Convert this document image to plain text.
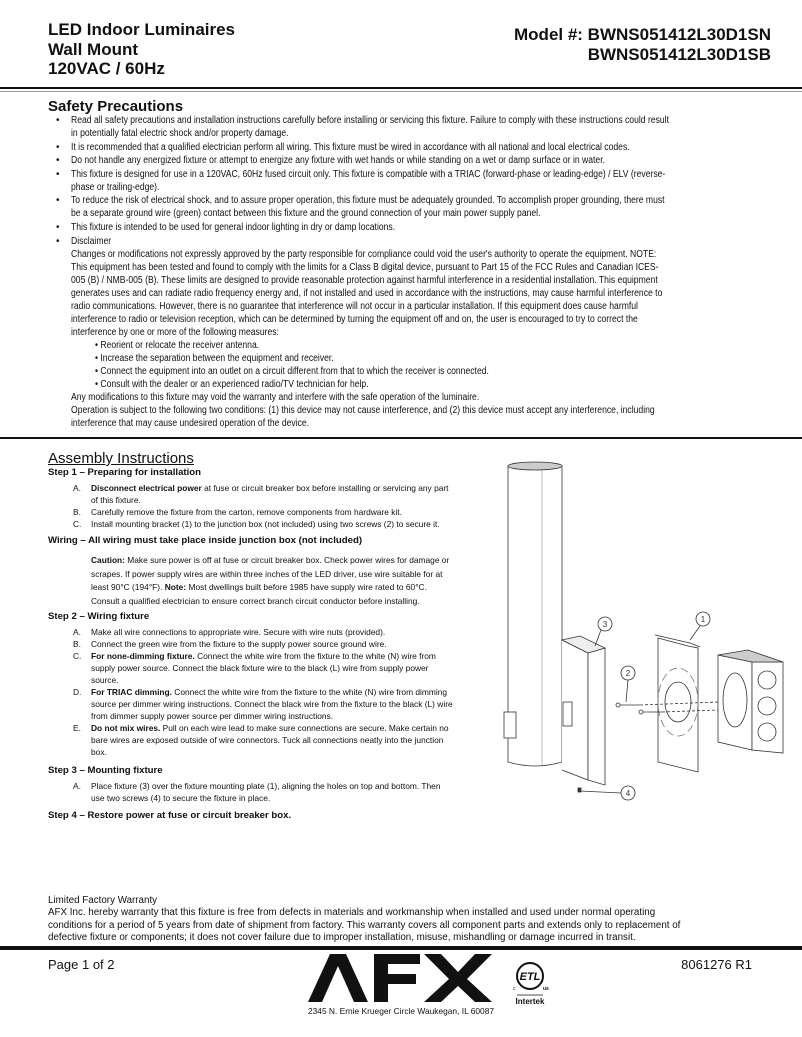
LED Indoor Luminaires
Wall Mount
120VAC / 60Hz
Model #: BWNS051412L30D1SN
BWNS051412L30D1SB
Safety Precautions
• Read all safety precautions and installation instructions carefully before installing or servicing this fixture. Failure to comply with these instructions could result
in potentially fatal electric shock and/or property damage.
• It is recommended that a qualified electrician perform all wiring. This fixture must be wired in accordance with all national and local electrical codes.
• Do not handle any energized fixture or attempt to energize any fixture with wet hands or while standing on a wet or damp surface or in water.
• This fixture is designed for use in a 120VAC, 60Hz fused circuit only. This fixture is compatible with a TRIAC (forward-phase or leading-edge) / ELV (reverse-
phase or trailing-edge).
• To reduce the risk of electrical shock, and to assure proper operation, this fixture must be adequately grounded. To accomplish proper grounding, there must
be a separate ground wire (green) contact between this fixture and the ground connection of your main power supply panel.
• This fixture is intended to be used for general indoor lighting in dry or damp locations.
• Disclaimer
Changes or modifications not expressly approved by the party responsible for compliance could void the user's authority to operate the equipment. NOTE:
This equipment has been tested and found to comply with the limits for a Class B digital device, pursuant to Part 15 of the FCC Rules and Canadian ICES-
005 (B) / NMB-005 (B). These limits are designed to provide reasonable protection against harmful interference in a residential installation. This equipment
generates uses and can radiate radio frequency energy and, if not installed and used in accordance with the instructions, may cause harmful interference to
radio communications. However, there is no guarantee that interference will not occur in a particular installation. If this equipment does cause harmful
interference to radio or television reception, which can be determined by turning the equipment off and on, the user is encouraged to try to correct the
interference by one or more of the following measures:
• Reorient or relocate the receiver antenna.
• Increase the separation between the equipment and receiver.
• Connect the equipment into an outlet on a circuit different from that to which the receiver is connected.
• Consult with the dealer or an experienced radio/TV technician for help.
Any modifications to this fixture may void the warranty and interfere with the safe operation of the luminaire.
Operation is subject to the following two conditions: (1) this device may not cause interference, and (2) this device must accept any interference, including
interference that may cause undesired operation of the device.
Assembly Instructions
Step 1 – Preparing for installation
A. Disconnect electrical power at fuse or circuit breaker box before installing or servicing any part
of this fixture.
B. Carefully remove the fixture from the carton, remove components from hardware kit.
C. Install mounting bracket (1) to the junction box (not included) using two screws (2) to secure it.
Wiring – All wiring must take place inside junction box (not included)
Caution: Make sure power is off at fuse or circuit breaker box. Check power wires for damage or
scrapes. If power supply wires are within three inches of the LED driver, use wire suitable for at
least 90°C (194°F). Note: Most dwellings built before 1985 have supply wire rated to 60°C.
Consult a qualified electrician to ensure correct branch circuit conductor before installing.
Step 2 – Wiring fixture
A. Make all wire connections to appropriate wire. Secure with wire nuts (provided).
B. Connect the green wire from the fixture to the supply power source ground wire.
C. For none-dimming fixture. Connect the white wire from the fixture to the white (N) wire from
supply power source. Connect the black fixture wire to the black (L) wire from supply power
source.
D. For TRIAC dimming. Connect the white wire from the fixture to the white (N) wire from dimming
source per dimmer wiring instructions. Connect the black wire from the fixture to the black (L) wire
from dimmer supply power source per dimmer wiring instructions.
E. Do not mix wires. Pull on each wire lead to make sure connections are secure. Make certain no
bare wires are exposed outside of wire connectors. Tuck all connections neatly into the junction
box.
Step 3 – Mounting fixture
A. Place fixture (3) over the fixture mounting plate (1), aligning the holes on top and bottom. Then
use two screws (4) to secure the fixture in place.
Step 4 – Restore power at fuse or circuit breaker box.
3
1
2
4
Limited Factory Warranty
AFX Inc. hereby warranty that this fixture is free from defects in materials and workmanship when installed and used under normal operating
conditions for a period of 5 years from date of shipment from factory. This warranty covers all component parts and extends only to replacement of
defective fixture or components; it does not cover failure due to improper installation, misuse, mishandling or damage incurred in transit.
Page 1 of 2	8061276 R1
ETL
c	us
Intertek
2345 N. Ernie Krueger Circle Waukegan, IL 60087
